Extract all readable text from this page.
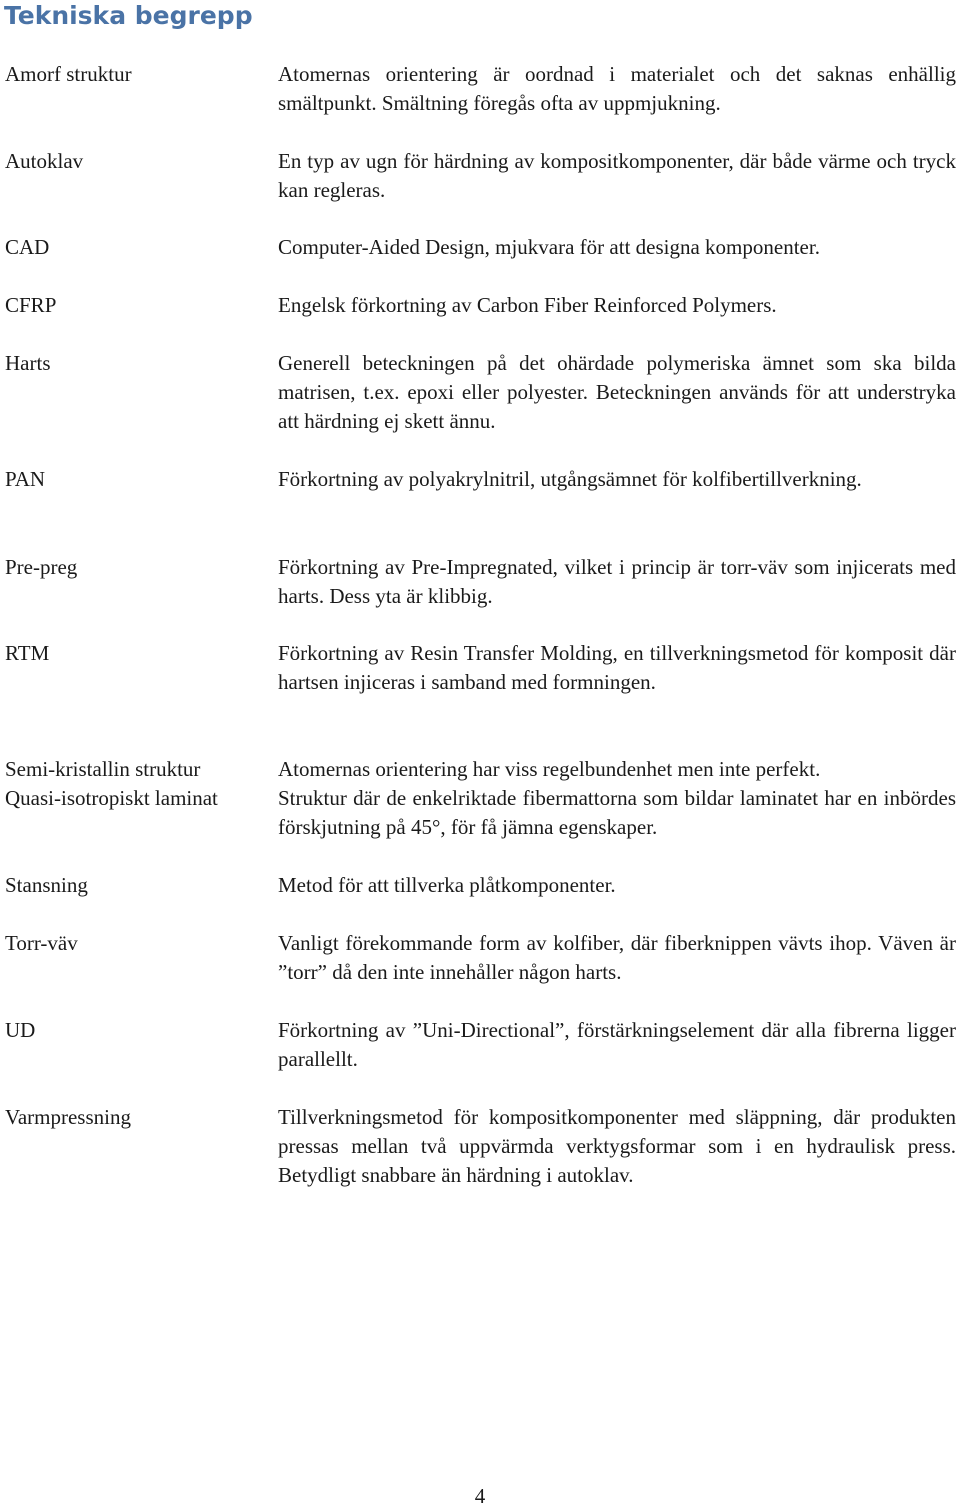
Tekniska begrepp
Amorf struktur	Atomernas orientering är oordnad i materialet och det saknas enhällig smältpunkt. Smältning föregås ofta av uppmjukning.
Autoklav	En typ av ugn för härdning av kompositkomponenter, där både värme och tryck kan regleras.
CAD	Computer-Aided Design, mjukvara för att designa komponenter.
CFRP	Engelsk förkortning av Carbon Fiber Reinforced Polymers.
Harts	Generell beteckningen på det ohärdade polymeriska ämnet som ska bilda matrisen, t.ex. epoxi eller polyester. Beteckningen används för att understryka att härdning ej skett ännu.
PAN	Förkortning av polyakrylnitril, utgångsämnet för kolfibertillverkning.
Pre-preg	Förkortning av Pre-Impregnated, vilket i princip är torr-väv som injicerats med harts. Dess yta är klibbig.
RTM	Förkortning av Resin Transfer Molding, en tillverkningsmetod för komposit där hartsen injiceras i samband med formningen.
Semi-kristallin struktur	Atomernas orientering har viss regelbundenhet men inte perfekt.
Quasi-isotropiskt laminat	Struktur där de enkelriktade fibermattorna som bildar laminatet har en inbördes förskjutning på 45°, för få jämna egenskaper.
Stansning	Metod för att tillverka plåtkomponenter.
Torr-väv	Vanligt förekommande form av kolfiber, där fiberknippen vävts ihop. Väven är ”torr” då den inte innehåller någon harts.
UD	Förkortning av ”Uni-Directional”, förstärkningselement där alla fibrerna ligger parallellt.
Varmpressning	Tillverkningsmetod för kompositkomponenter med släppning, där produkten pressas mellan två uppvärmda verktygsformar som i en hydraulisk press. Betydligt snabbare än härdning i autoklav.
4
